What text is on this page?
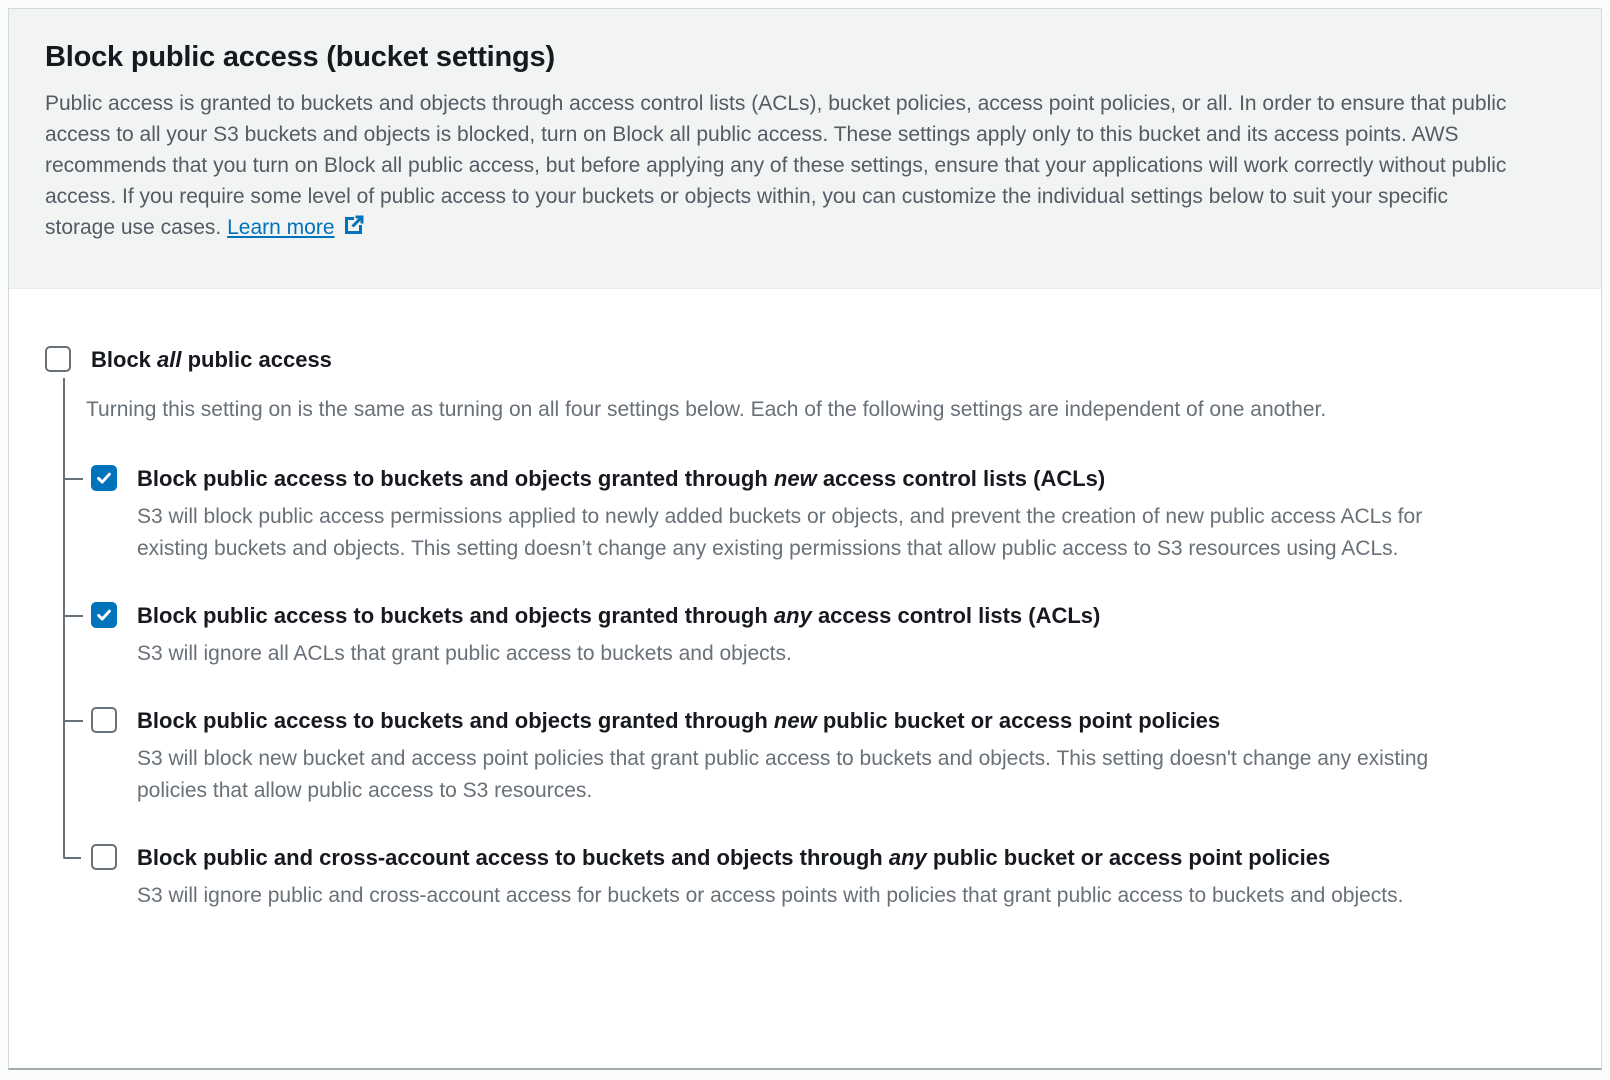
Block public access (bucket settings)

Public access is granted to buckets and objects through access control lists (ACLs), bucket policies, access point policies, or all. In order to ensure that public access to all your S3 buckets and objects is blocked, turn on Block all public access. These settings apply only to this bucket and its access points. AWS recommends that you turn on Block all public access, but before applying any of these settings, ensure that your applications will work correctly without public access. If you require some level of public access to your buckets or objects within, you can customize the individual settings below to suit your specific storage use cases. Learn more

Block all public access
Turning this setting on is the same as turning on all four settings below. Each of the following settings are independent of one another.
Block public access to buckets and objects granted through new access control lists (ACLs)
S3 will block public access permissions applied to newly added buckets or objects, and prevent the creation of new public access ACLs for existing buckets and objects. This setting doesn’t change any existing permissions that allow public access to S3 resources using ACLs.
Block public access to buckets and objects granted through any access control lists (ACLs)
S3 will ignore all ACLs that grant public access to buckets and objects.
Block public access to buckets and objects granted through new public bucket or access point policies
S3 will block new bucket and access point policies that grant public access to buckets and objects. This setting doesn't change any existing policies that allow public access to S3 resources.
Block public and cross-account access to buckets and objects through any public bucket or access point policies
S3 will ignore public and cross-account access for buckets or access points with policies that grant public access to buckets and objects.
